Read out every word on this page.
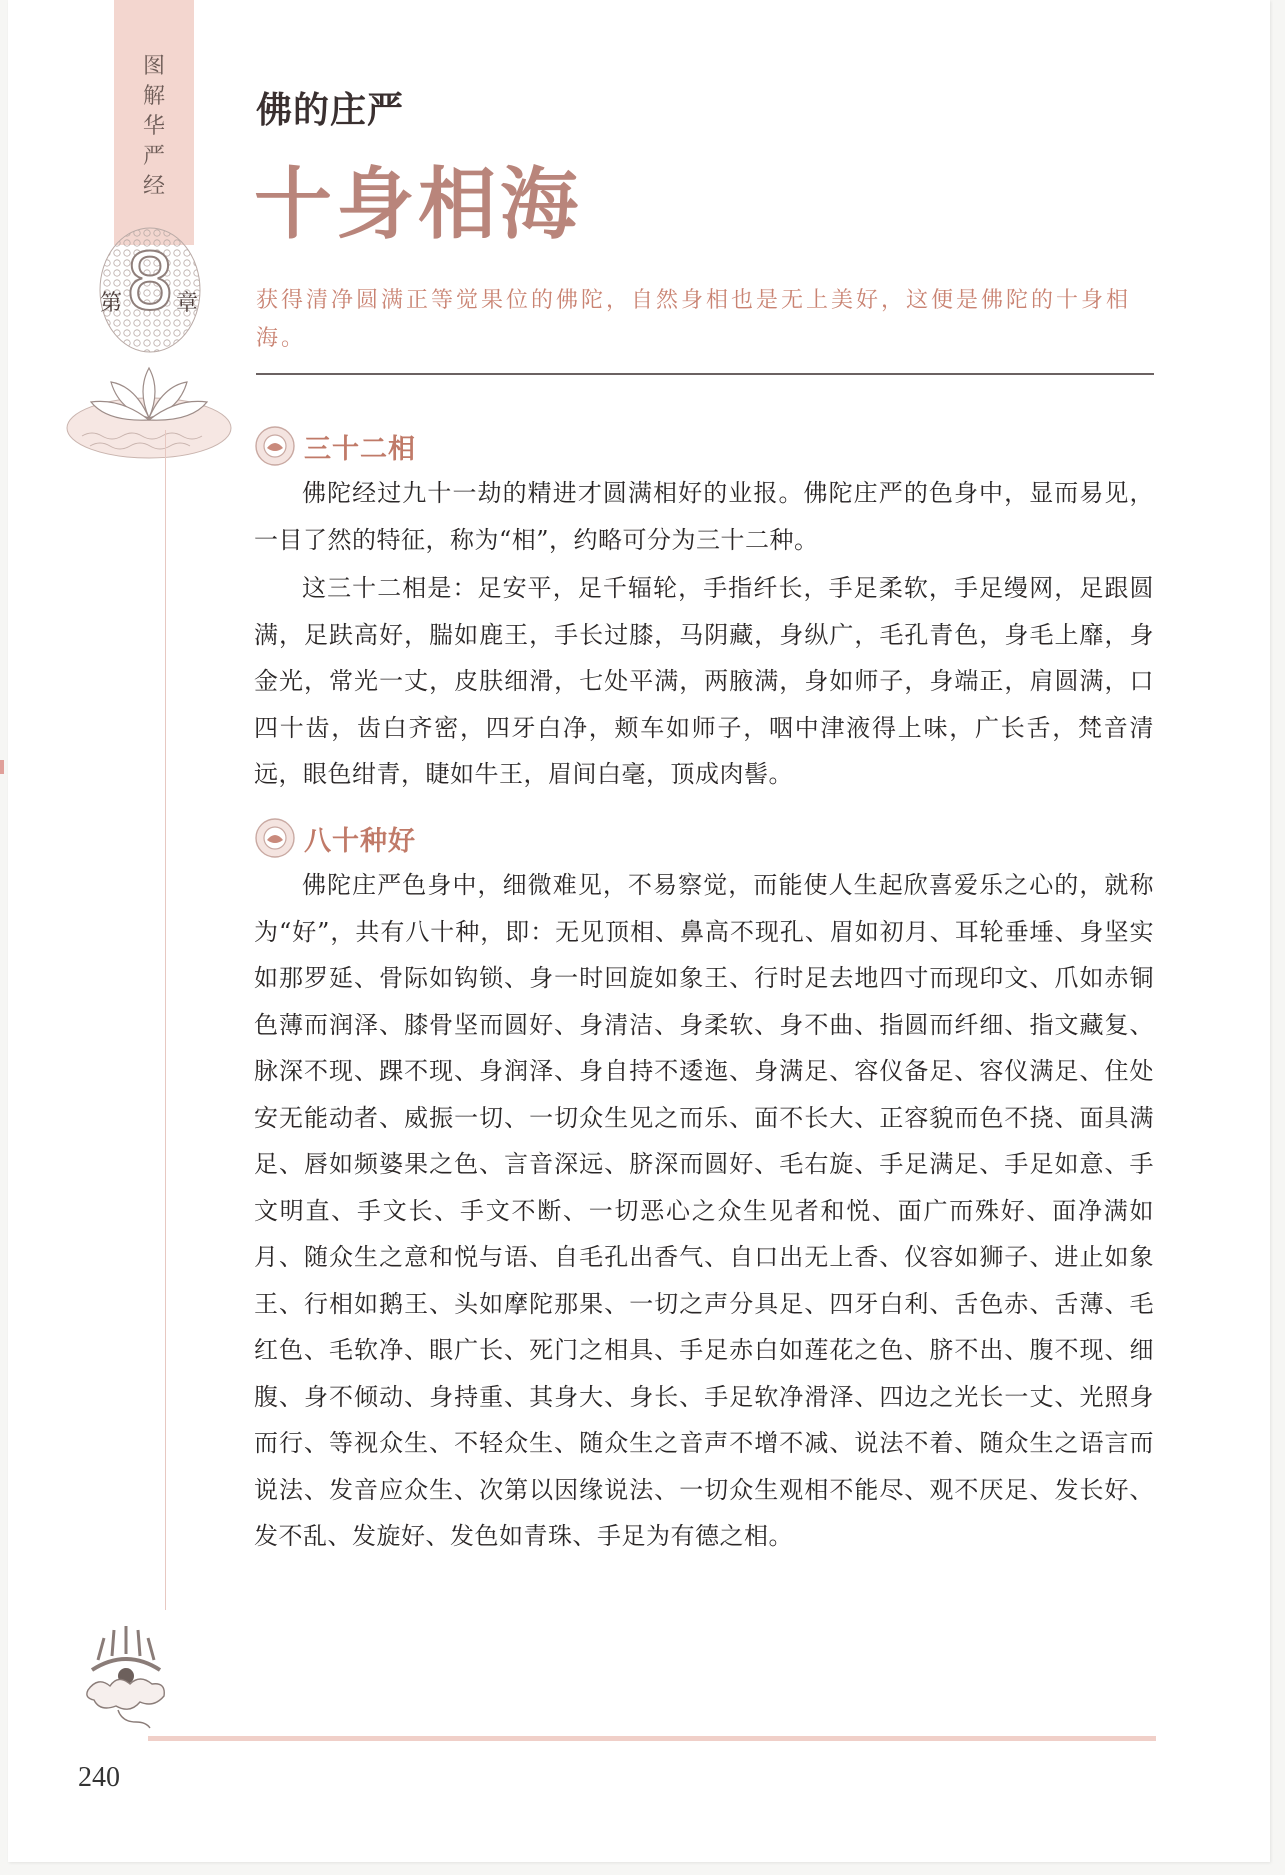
图
解
华
严
经
第 8 章
佛的庄严
十身相海
获得清净圆满正等觉果位的佛陀，自然身相也是无上美好，这便是佛陀的十身相海。
三十二相

佛陀经过九十一劫的精进才圆满相好的业报。佛陀庄严的色身中，显而易见，一目了然的特征，称为“相”，约略可分为三十二种。

这三十二相是：足安平，足千辐轮，手指纤长，手足柔软，手足缦网，足跟圆满，足趺高好，腨如鹿王，手长过膝，马阴藏，身纵广，毛孔青色，身毛上靡，身金光，常光一丈，皮肤细滑，七处平满，两腋满，身如师子，身端正，肩圆满，口四十齿，齿白齐密，四牙白净，颊车如师子，咽中津液得上味，广长舌，梵音清远，眼色绀青，睫如牛王，眉间白毫，顶成肉髻。

八十种好

佛陀庄严色身中，细微难见，不易察觉，而能使人生起欣喜爱乐之心的，就称为“好”，共有八十种，即：无见顶相、鼻高不现孔、眉如初月、耳轮垂埵、身坚实如那罗延、骨际如钩锁、身一时回旋如象王、行时足去地四寸而现印文、爪如赤铜色薄而润泽、膝骨坚而圆好、身清洁、身柔软、身不曲、指圆而纤细、指文藏复、脉深不现、踝不现、身润泽、身自持不逶迤、身满足、容仪备足、容仪满足、住处安无能动者、威振一切、一切众生见之而乐、面不长大、正容貌而色不挠、面具满足、唇如频婆果之色、言音深远、脐深而圆好、毛右旋、手足满足、手足如意、手文明直、手文长、手文不断、一切恶心之众生见者和悦、面广而殊好、面净满如月、随众生之意和悦与语、自毛孔出香气、自口出无上香、仪容如狮子、进止如象王、行相如鹅王、头如摩陀那果、一切之声分具足、四牙白利、舌色赤、舌薄、毛红色、毛软净、眼广长、死门之相具、手足赤白如莲花之色、脐不出、腹不现、细腹、身不倾动、身持重、其身大、身长、手足软净滑泽、四边之光长一丈、光照身而行、等视众生、不轻众生、随众生之音声不增不减、说法不着、随众生之语言而说法、发音应众生、次第以因缘说法、一切众生观相不能尽、观不厌足、发长好、发不乱、发旋好、发色如青珠、手足为有德之相。

240
